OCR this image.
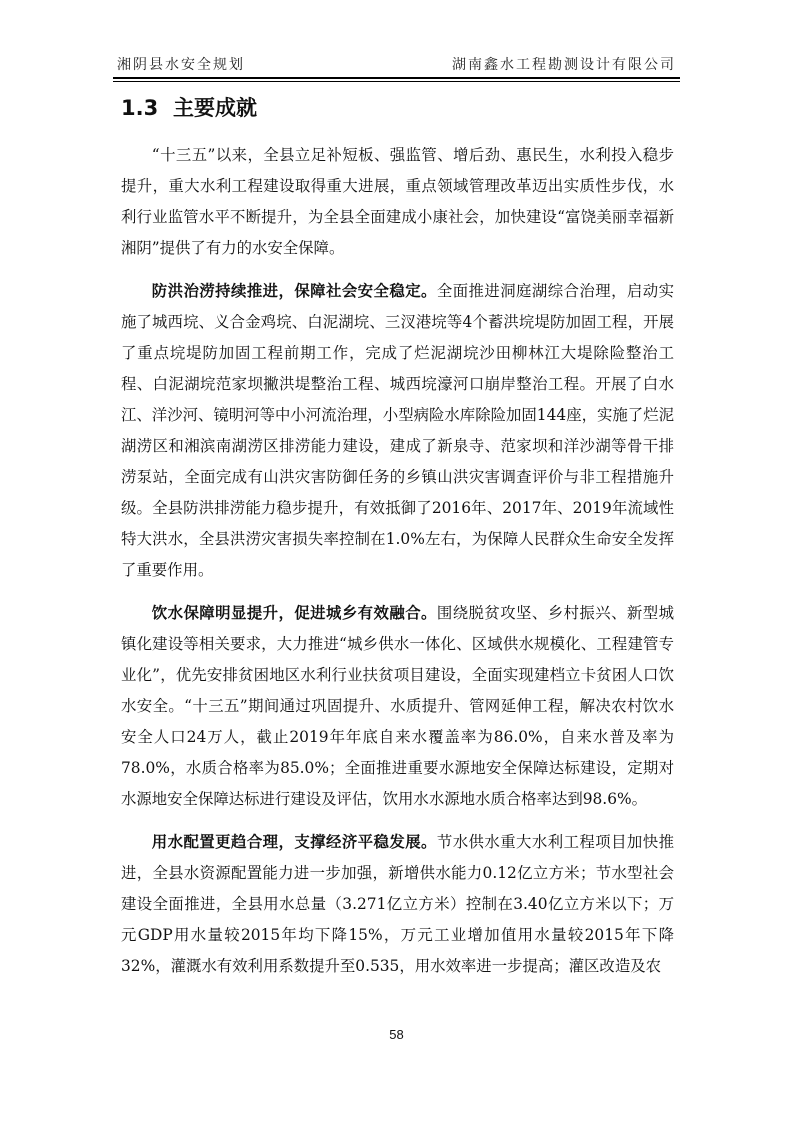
湘阴县水安全规划	湖南鑫水工程勘测设计有限公司
1.3 主要成就

“十三五”以来，全县立足补短板、强监管、增后劲、惠民生，水利投入稳步提升，重大水利工程建设取得重大进展，重点领域管理改革迈出实质性步伐，水利行业监管水平不断提升，为全县全面建成小康社会，加快建设“富饶美丽幸福新湘阴”提供了有力的水安全保障。

防洪治涝持续推进，保障社会安全稳定。全面推进洞庭湖综合治理，启动实施了城西垸、义合金鸡垸、白泥湖垸、三汊港垸等4个蓄洪垸堤防加固工程，开展了重点垸堤防加固工程前期工作，完成了烂泥湖垸沙田柳林江大堤除险整治工程、白泥湖垸范家坝撇洪堤整治工程、城西垸濠河口崩岸整治工程。开展了白水江、洋沙河、镜明河等中小河流治理，小型病险水库除险加固144座，实施了烂泥湖涝区和湘滨南湖涝区排涝能力建设，建成了新泉寺、范家坝和洋沙湖等骨干排涝泵站，全面完成有山洪灾害防御任务的乡镇山洪灾害调查评价与非工程措施升级。全县防洪排涝能力稳步提升，有效抵御了2016年、2017年、2019年流域性特大洪水，全县洪涝灾害损失率控制在1.0%左右，为保障人民群众生命安全发挥了重要作用。

饮水保障明显提升，促进城乡有效融合。围绕脱贫攻坚、乡村振兴、新型城镇化建设等相关要求，大力推进“城乡供水一体化、区域供水规模化、工程建管专业化”，优先安排贫困地区水利行业扶贫项目建设，全面实现建档立卡贫困人口饮水安全。“十三五”期间通过巩固提升、水质提升、管网延伸工程，解决农村饮水安全人口24万人，截止2019年年底自来水覆盖率为86.0%，自来水普及率为78.0%，水质合格率为85.0%；全面推进重要水源地安全保障达标建设，定期对水源地安全保障达标进行建设及评估，饮用水水源地水质合格率达到98.6%。

用水配置更趋合理，支撑经济平稳发展。节水供水重大水利工程项目加快推进，全县水资源配置能力进一步加强，新增供水能力0.12亿立方米；节水型社会建设全面推进，全县用水总量（3.271亿立方米）控制在3.40亿立方米以下；万元GDP用水量较2015年均下降15%，万元工业增加值用水量较2015年下降32%，灌溉水有效利用系数提升至0.535，用水效率进一步提高；灌区改造及农

58
